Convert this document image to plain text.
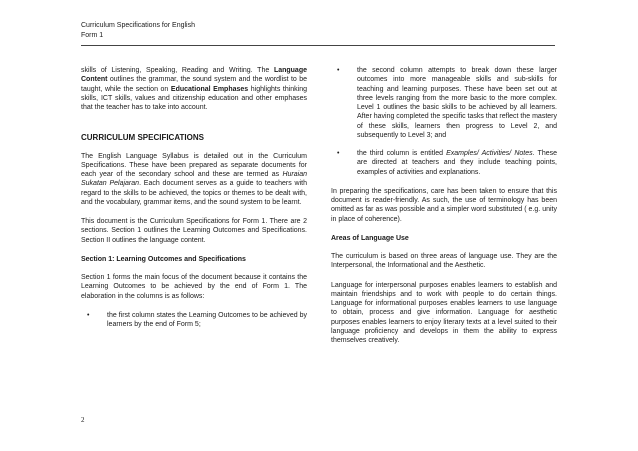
Curriculum Specifications for English
Form 1

skills of Listening, Speaking, Reading and Writing. The Language Content outlines the grammar, the sound system and the wordlist to be taught, while the section on Educational Emphases highlights thinking skills, ICT skills, values and citizenship education and other emphases that the teacher has to take into account.

CURRICULUM SPECIFICATIONS

The English Language Syllabus is detailed out in the Curriculum Specifications. These have been prepared as separate documents for each year of the secondary school and these are termed as Huraian Sukatan Pelajaran. Each document serves as a guide to teachers with regard to the skills to be achieved, the topics or themes to be dealt with, and the vocabulary, grammar items, and the sound system to be learnt.

This document is the Curriculum Specifications for Form 1. There are 2 sections. Section 1 outlines the Learning Outcomes and Specifications. Section II outlines the language content.

Section 1: Learning Outcomes and Specifications

Section 1 forms the main focus of the document because it contains the Learning Outcomes to be achieved by the end of Form 1. The elaboration in the columns is as follows:

• the first column states the Learning Outcomes to be achieved by learners by the end of Form 5;
• the second column attempts to break down these larger outcomes into more manageable skills and sub-skills for teaching and learning purposes. These have been set out at three levels ranging from the more basic to the more complex. Level 1 outlines the basic skills to be achieved by all learners. After having completed the specific tasks that reflect the mastery of these skills, learners then progress to Level 2, and subsequently to Level 3; and
• the third column is entitled Examples/ Activities/ Notes. These are directed at teachers and they include teaching points, examples of activities and explanations.

In preparing the specifications, care has been taken to ensure that this document is reader-friendly. As such, the use of terminology has been omitted as far as was possible and a simpler word substituted ( e.g. unity in place of coherence).

Areas of Language Use

The curriculum is based on three areas of language use. They are the Interpersonal, the Informational and the Aesthetic.

Language for interpersonal purposes enables learners to establish and maintain friendships and to work with people to do certain things. Language for informational purposes enables learners to use language to obtain, process and give information. Language for aesthetic purposes enables learners to enjoy literary texts at a level suited to their language proficiency and develops in them the ability to express themselves creatively.

2
